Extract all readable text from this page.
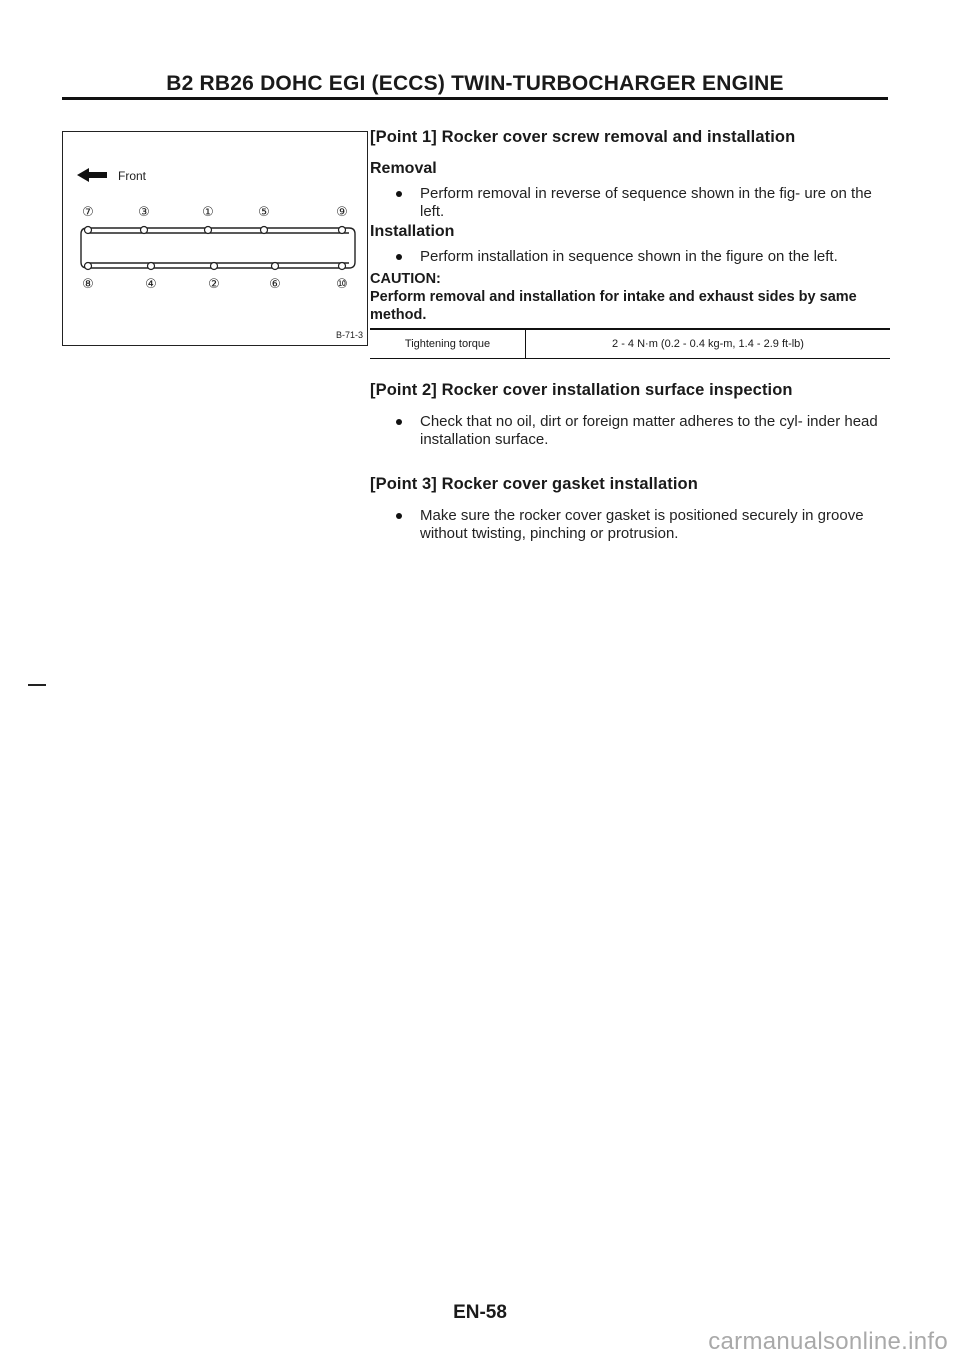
B2 RB26 DOHC EGI (ECCS) TWIN-TURBOCHARGER ENGINE
Front
⑦	③	①	⑤	⑨
⑧	④	②	⑥	⑩
B-71-3
[Point 1] Rocker cover screw removal and installation
Removal
Perform removal in reverse of sequence shown in the fig- ure on the left.
Installation
Perform installation in sequence shown in the figure on the left.
CAUTION:
Perform removal and installation for intake and exhaust sides by same method.
Tightening torque	2 - 4 N·m (0.2 - 0.4 kg-m, 1.4 - 2.9 ft-lb)
[Point 2] Rocker cover installation surface inspection
Check that no oil, dirt or foreign matter adheres to the cyl- inder head installation surface.
[Point 3] Rocker cover gasket installation
Make sure the rocker cover gasket is positioned securely in groove without twisting, pinching or protrusion.
EN-58
carmanualsonline.info
